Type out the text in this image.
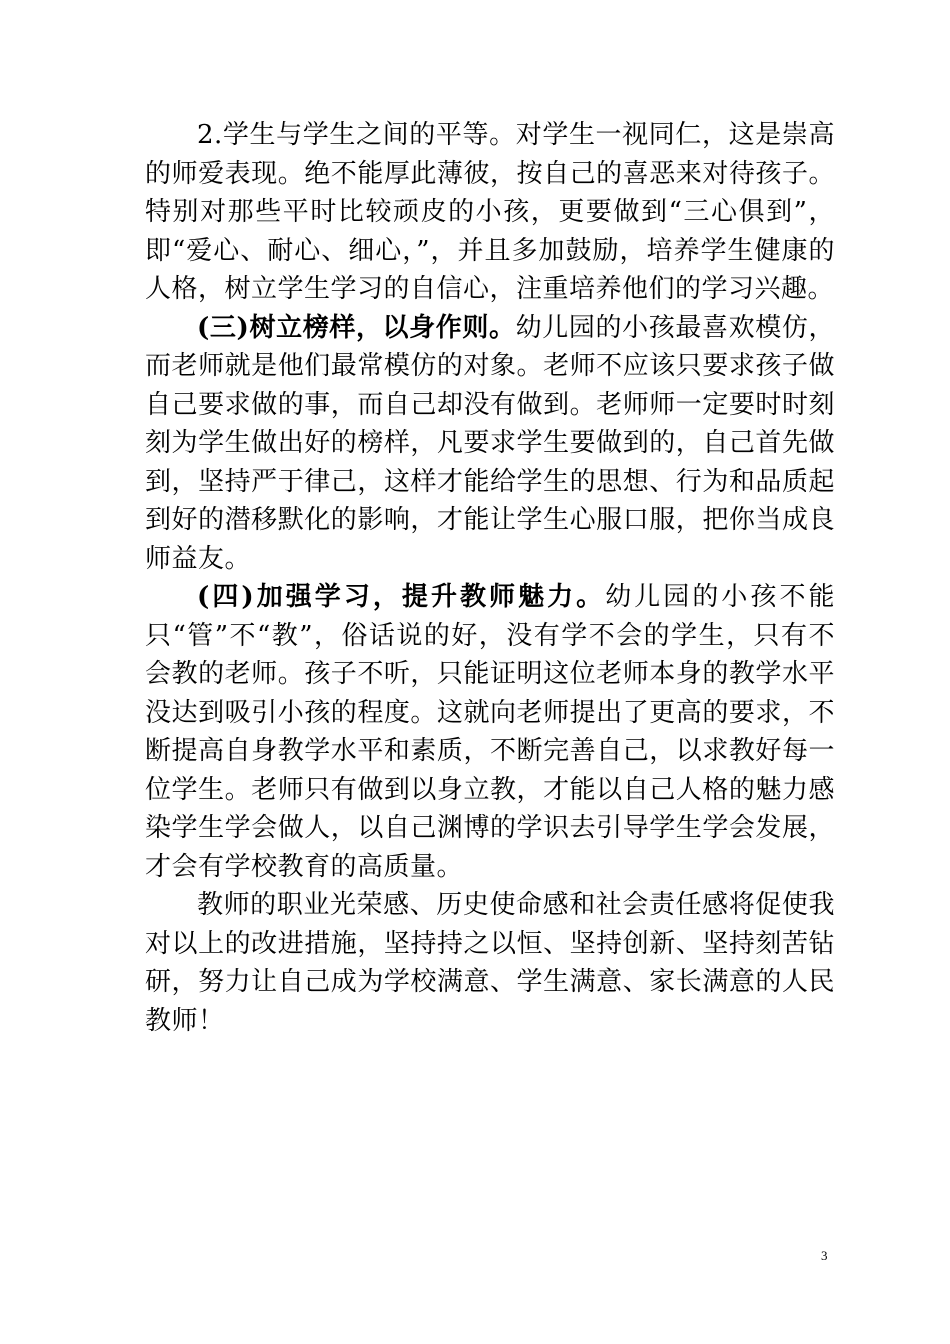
2.学生与学生之间的平等。对学生一视同仁，这是崇高的师爱表现。绝不能厚此薄彼，按自己的喜恶来对待孩子。特别对那些平时比较顽皮的小孩，更要做到“三心俱到”，即“爱心、耐心、细心，”，并且多加鼓励，培养学生健康的人格，树立学生学习的自信心，注重培养他们的学习兴趣。

(三)树立榜样，以身作则。幼儿园的小孩最喜欢模仿，而老师就是他们最常模仿的对象。老师不应该只要求孩子做自己要求做的事，而自己却没有做到。老师师一定要时时刻刻为学生做出好的榜样，凡要求学生要做到的，自己首先做到，坚持严于律己，这样才能给学生的思想、行为和品质起到好的潜移默化的影响，才能让学生心服口服，把你当成良师益友。

(四)加强学习，提升教师魅力。幼儿园的小孩不能只“管”不“教”，俗话说的好，没有学不会的学生，只有不会教的老师。孩子不听，只能证明这位老师本身的教学水平没达到吸引小孩的程度。这就向老师提出了更高的要求，不断提高自身教学水平和素质，不断完善自己，以求教好每一位学生。老师只有做到以身立教，才能以自己人格的魅力感染学生学会做人，以自己渊博的学识去引导学生学会发展，才会有学校教育的高质量。

教师的职业光荣感、历史使命感和社会责任感将促使我对以上的改进措施，坚持持之以恒、坚持创新、坚持刻苦钻研，努力让自己成为学校满意、学生满意、家长满意的人民教师！

3
